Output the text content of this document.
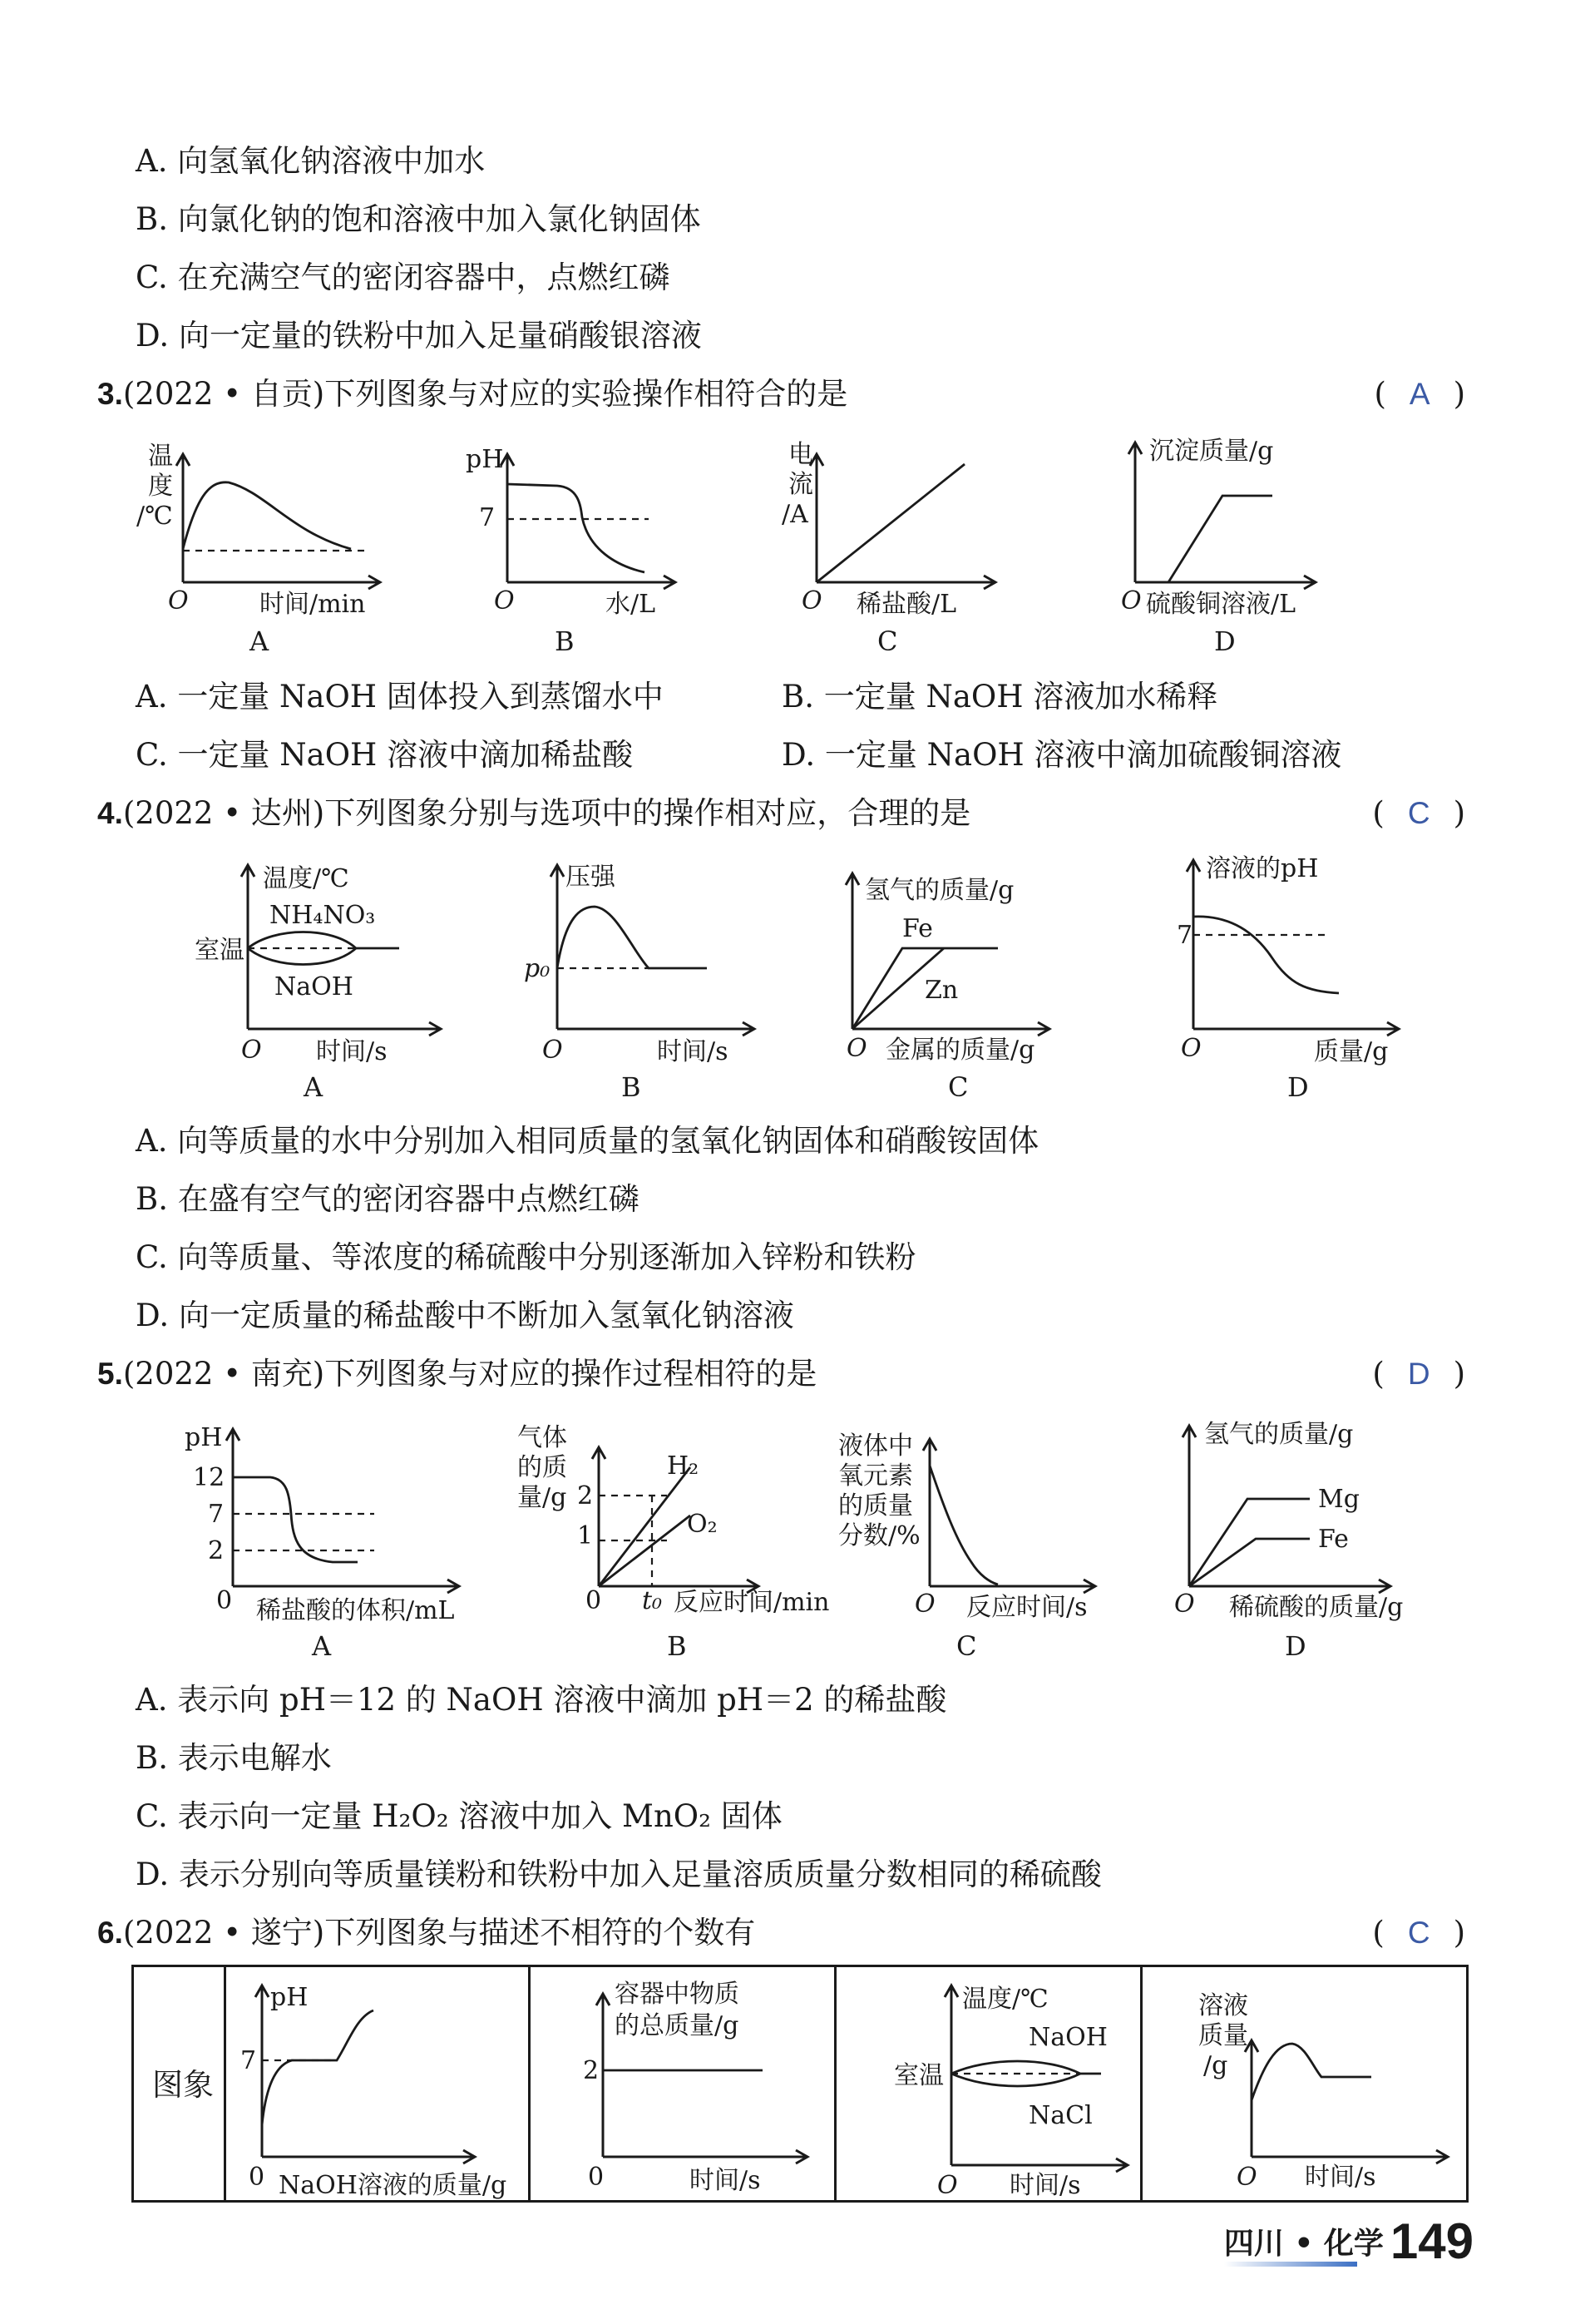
A. 向氢氧化钠溶液中加水
B. 向氯化钠的饱和溶液中加入氯化钠固体
C. 在充满空气的密闭容器中，点燃红磷
D. 向一定量的铁粉中加入足量硝酸银溶液
3.(2022 • 自贡)下列图象与对应的实验操作相符合的是	( A )
温
度
/℃
O	时间/min
A
pH
7
O	水/L
B
电
流
/A
O 稀盐酸/L
C
沉淀质量/g
O 硫酸铜溶液/L
D
A. 一定量 NaOH 固体投入到蒸馏水中	B. 一定量 NaOH 溶液加水稀释
C. 一定量 NaOH 溶液中滴加稀盐酸	D. 一定量 NaOH 溶液中滴加硫酸铜溶液
4.(2022 • 达州)下列图象分别与选项中的操作相对应，合理的是	( C )
温度/℃
NH₄NO₃
室温
NaOH
O 时间/s
A
压强
p₀
O	时间/s
B
氢气的质量/g
Fe
Zn
O 金属的质量/g
C
溶液的pH
7
O	质量/g
D
A. 向等质量的水中分别加入相同质量的氢氧化钠固体和硝酸铵固体
B. 在盛有空气的密闭容器中点燃红磷
C. 向等质量、等浓度的稀硫酸中分别逐渐加入锌粉和铁粉
D. 向一定质量的稀盐酸中不断加入氢氧化钠溶液
5.(2022 • 南充)下列图象与对应的操作过程相符的是	( D )
pH
12
7
2
0 稀盐酸的体积/mL
A
气体
的质
量/g 2
1
H₂
O₂
0 t₀ 反应时间/min
B
液体中
氧元素
的质量
分数/%
O 反应时间/s
C
氢气的质量/g
Mg
Fe
O 稀硫酸的质量/g
D
A. 表示向 pH＝12 的 NaOH 溶液中滴加 pH＝2 的稀盐酸
B. 表示电解水
C. 表示向一定量 H₂O₂ 溶液中加入 MnO₂ 固体
D. 表示分别向等质量镁粉和铁粉中加入足量溶质质量分数相同的稀硫酸
6.(2022 • 遂宁)下列图象与描述不相符的个数有	( C )
图象
pH
7
0 NaOH溶液的质量/g
容器中物质
的总质量/g
2
0	时间/s
温度/℃
NaOH
室温
NaCl
O 时间/s
溶液
质量
/g
O 时间/s
四川 • 化学 149
